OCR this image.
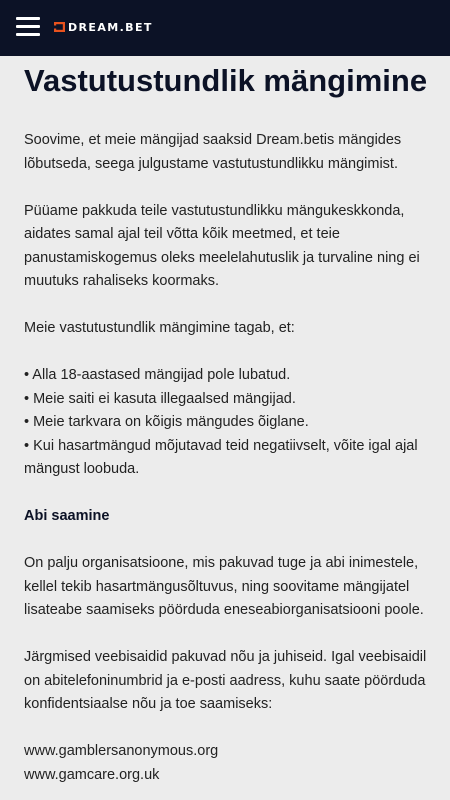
DREAM.BET
Vastutustundlik mängimine

Soovime, et meie mängijad saaksid Dream.betis mängides

lõbutseda, seega julgustame vastutustundlikku mängimist.

Püüame pakkuda teile vastutustundlikku mängukeskkonda,

aidates samal ajal teil võtta kõik meetmed, et teie

panustamiskogemus oleks meelelahutuslik ja turvaline ning ei

muutuks rahaliseks koormaks.

Meie vastutustundlik mängimine tagab, et:

• Alla 18-aastased mängijad pole lubatud.

• Meie saiti ei kasuta illegaalsed mängijad.

• Meie tarkvara on kõigis mängudes õiglane.

• Kui hasartmängud mõjutavad teid negatiivselt, võite igal ajal

mängust loobuda.

Abi saamine

On palju organisatsioone, mis pakuvad tuge ja abi inimestele,

kellel tekib hasartmängusõltuvus, ning soovitame mängijatel

lisateabe saamiseks pöörduda eneseabiorganisatsiooni poole.

Järgmised veebisaidid pakuvad nõu ja juhiseid. Igal veebisaidil

on abitelefoninumbrid ja e-posti aadress, kuhu saate pöörduda

konfidentsiaalse nõu ja toe saamiseks:

www.gamblersanonymous.org
www.gamcare.org.uk
